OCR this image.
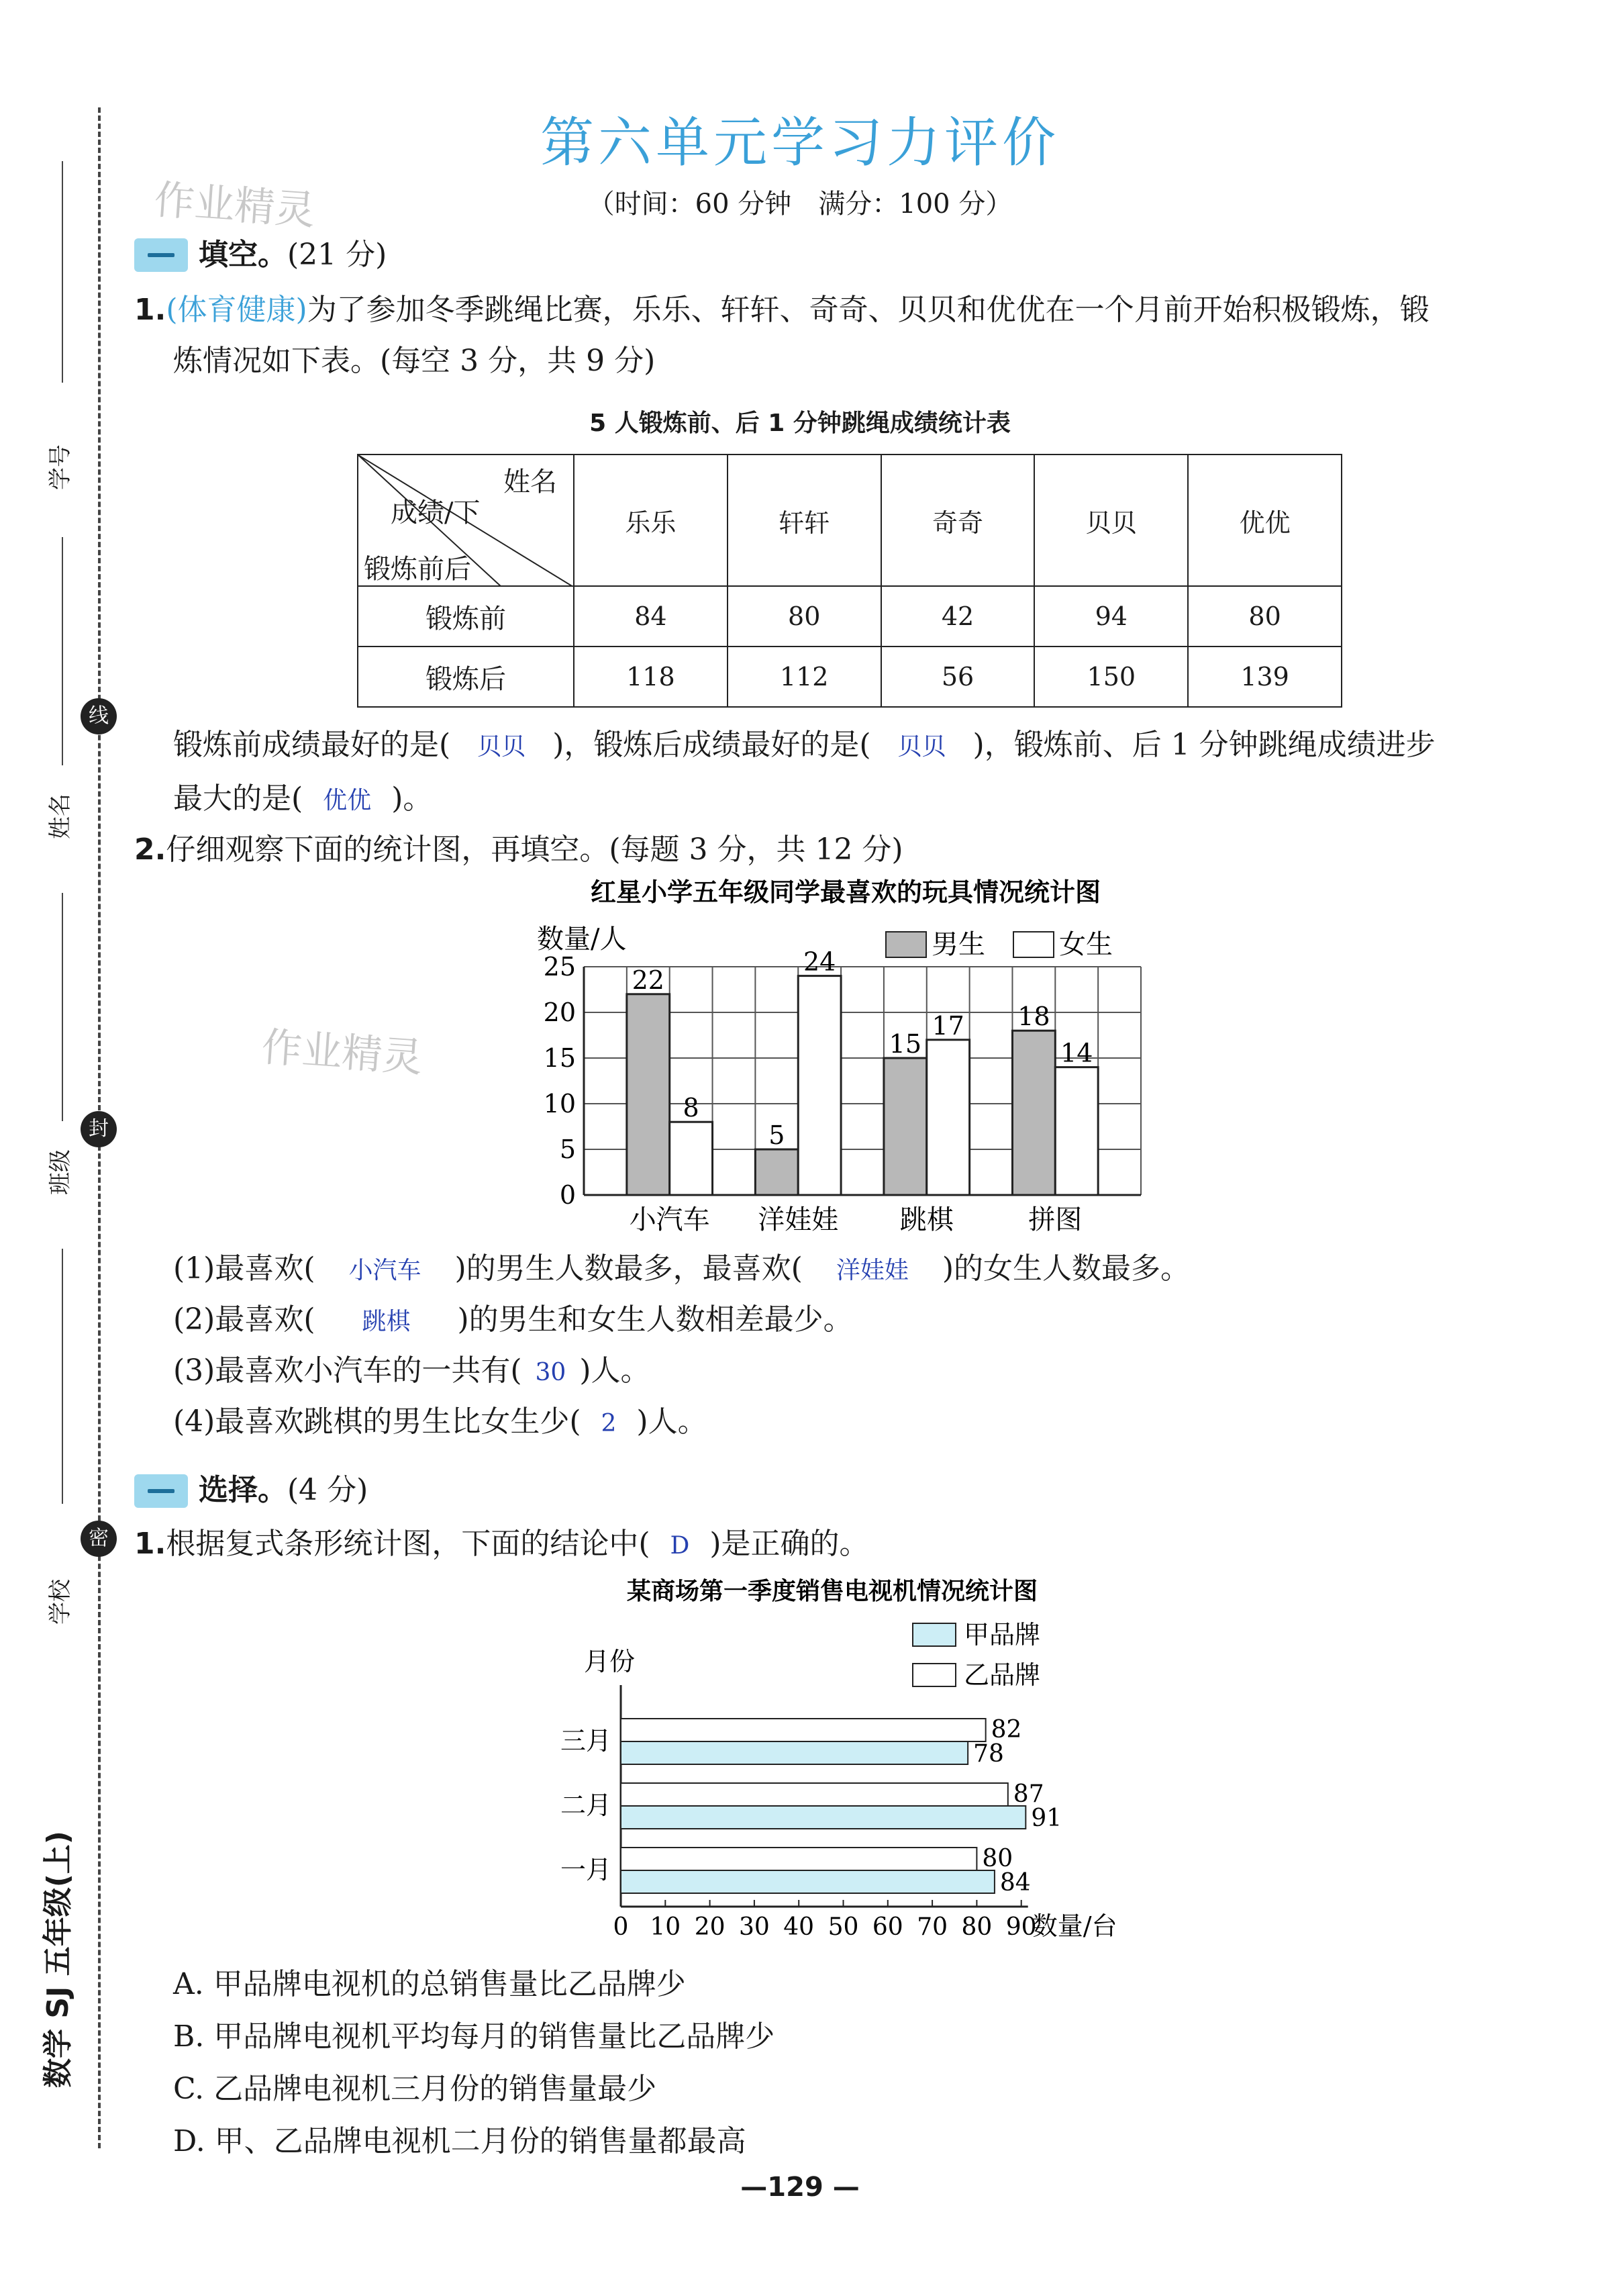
学号
姓名
班级
学校
线
封
密
数学 SJ 五年级(上)
作业精灵
作业精灵
第六单元学习力评价
（时间：60 分钟　满分：100 分）
填空。(21 分)
1.(体育健康)为了参加冬季跳绳比赛，乐乐、轩轩、奇奇、贝贝和优优在一个月前开始积极锻炼，锻
炼情况如下表。(每空 3 分，共 9 分)
5 人锻炼前、后 1 分钟跳绳成绩统计表
姓名
成绩/下
锻炼前后	乐乐	轩轩	奇奇	贝贝	优优
锻炼前	84	80	42	94	80
锻炼后	118	112	56	150	139
锻炼前成绩最好的是( 贝贝 )，锻炼后成绩最好的是( 贝贝 )，锻炼前、后 1 分钟跳绳成绩进步
最大的是( 优优 )。
2.仔细观察下面的统计图，再填空。(每题 3 分，共 12 分)
红星小学五年级同学最喜欢的玩具情况统计图
数量/人
0
5
10
15
20
25 22
8
小汽车
5
24
洋娃娃
15
17
跳棋
18
14
拼图
男生	女生
(1)最喜欢( 小汽车 )的男生人数最多，最喜欢( 洋娃娃 )的女生人数最多。
(2)最喜欢( 跳棋 )的男生和女生人数相差最少。
(3)最喜欢小汽车的一共有( 30 )人。
(4)最喜欢跳棋的男生比女生少( 2 )人。
选择。(4 分)
1.根据复式条形统计图，下面的结论中( D )是正确的。
某商场第一季度销售电视机情况统计图
甲品牌
乙品牌
月份
0 10 20 30 40 50 60 70 80 90
数量/台
82
78
三月
87
91
二月
80
84
一月
A. 甲品牌电视机的总销售量比乙品牌少
B. 甲品牌电视机平均每月的销售量比乙品牌少
C. 乙品牌电视机三月份的销售量最少
D. 甲、乙品牌电视机二月份的销售量都最高
—129 —
